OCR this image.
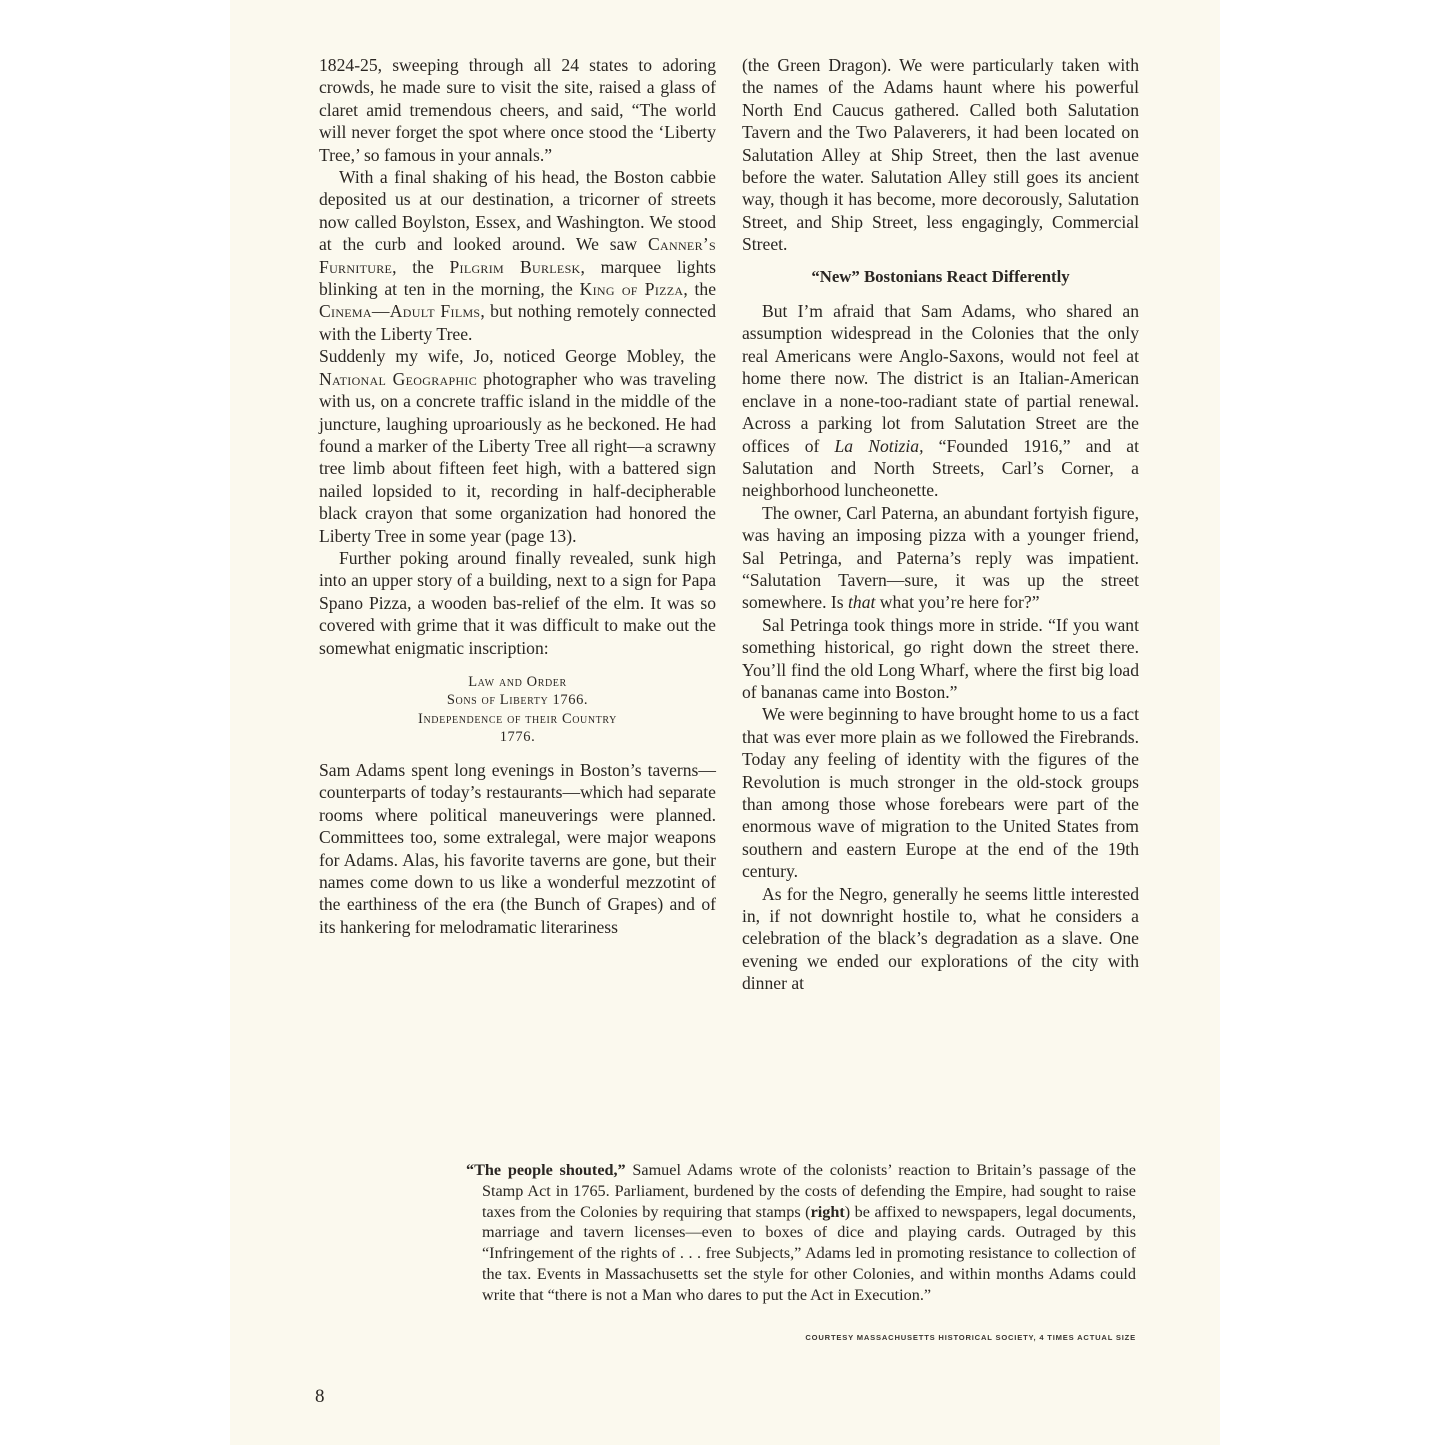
1824-25, sweeping through all 24 states to adoring crowds, he made sure to visit the site, raised a glass of claret amid tremendous cheers, and said, “The world will never forget the spot where once stood the ‘Liberty Tree,’ so famous in your annals.”

With a final shaking of his head, the Boston cabbie deposited us at our destination, a tricorner of streets now called Boylston, Essex, and Washington. We stood at the curb and looked around. We saw Canner’s Furniture, the Pilgrim Burlesk, marquee lights blinking at ten in the morning, the King of Pizza, the Cinema—Adult Films, but nothing remotely connected with the Liberty Tree.

Suddenly my wife, Jo, noticed George Mobley, the National Geographic photographer who was traveling with us, on a concrete traffic island in the middle of the juncture, laughing uproariously as he beckoned. He had found a marker of the Liberty Tree all right—a scrawny tree limb about fifteen feet high, with a battered sign nailed lopsided to it, recording in half-decipherable black crayon that some organization had honored the Liberty Tree in some year (page 13).

Further poking around finally revealed, sunk high into an upper story of a building, next to a sign for Papa Spano Pizza, a wooden bas-relief of the elm. It was so covered with grime that it was difficult to make out the somewhat enigmatic inscription:

Law and Order
Sons of Liberty 1766.
Independence of their Country
1776.

Sam Adams spent long evenings in Boston’s taverns—counterparts of today’s restaurants—which had separate rooms where political maneuverings were planned. Committees too, some extralegal, were major weapons for Adams. Alas, his favorite taverns are gone, but their names come down to us like a wonderful mezzotint of the earthiness of the era (the Bunch of Grapes) and of its hankering for melodramatic literariness

(the Green Dragon). We were particularly taken with the names of the Adams haunt where his powerful North End Caucus gathered. Called both Salutation Tavern and the Two Palaverers, it had been located on Salutation Alley at Ship Street, then the last avenue before the water. Salutation Alley still goes its ancient way, though it has become, more decorously, Salutation Street, and Ship Street, less engagingly, Commercial Street.

“New” Bostonians React Differently

But I’m afraid that Sam Adams, who shared an assumption widespread in the Colonies that the only real Americans were Anglo-Saxons, would not feel at home there now. The district is an Italian-American enclave in a none-too-radiant state of partial renewal. Across a parking lot from Salutation Street are the offices of La Notizia, “Founded 1916,” and at Salutation and North Streets, Carl’s Corner, a neighborhood luncheonette.

The owner, Carl Paterna, an abundant fortyish figure, was having an imposing pizza with a younger friend, Sal Petringa, and Paterna’s reply was impatient. “Salutation Tavern—sure, it was up the street somewhere. Is that what you’re here for?”

Sal Petringa took things more in stride. “If you want something historical, go right down the street there. You’ll find the old Long Wharf, where the first big load of bananas came into Boston.”

We were beginning to have brought home to us a fact that was ever more plain as we followed the Firebrands. Today any feeling of identity with the figures of the Revolution is much stronger in the old-stock groups than among those whose forebears were part of the enormous wave of migration to the United States from southern and eastern Europe at the end of the 19th century.

As for the Negro, generally he seems little interested in, if not downright hostile to, what he considers a celebration of the black’s degradation as a slave. One evening we ended our explorations of the city with dinner at

“The people shouted,” Samuel Adams wrote of the colonists’ reaction to Britain’s passage of the Stamp Act in 1765. Parliament, burdened by the costs of defending the Empire, had sought to raise taxes from the Colonies by requiring that stamps (right) be affixed to newspapers, legal documents, marriage and tavern licenses—even to boxes of dice and playing cards. Outraged by this “Infringement of the rights of . . . free Subjects,” Adams led in promoting resistance to collection of the tax. Events in Massachusetts set the style for other Colonies, and within months Adams could write that “there is not a Man who dares to put the Act in Execution.”

COURTESY MASSACHUSETTS HISTORICAL SOCIETY, 4 TIMES ACTUAL SIZE
8
